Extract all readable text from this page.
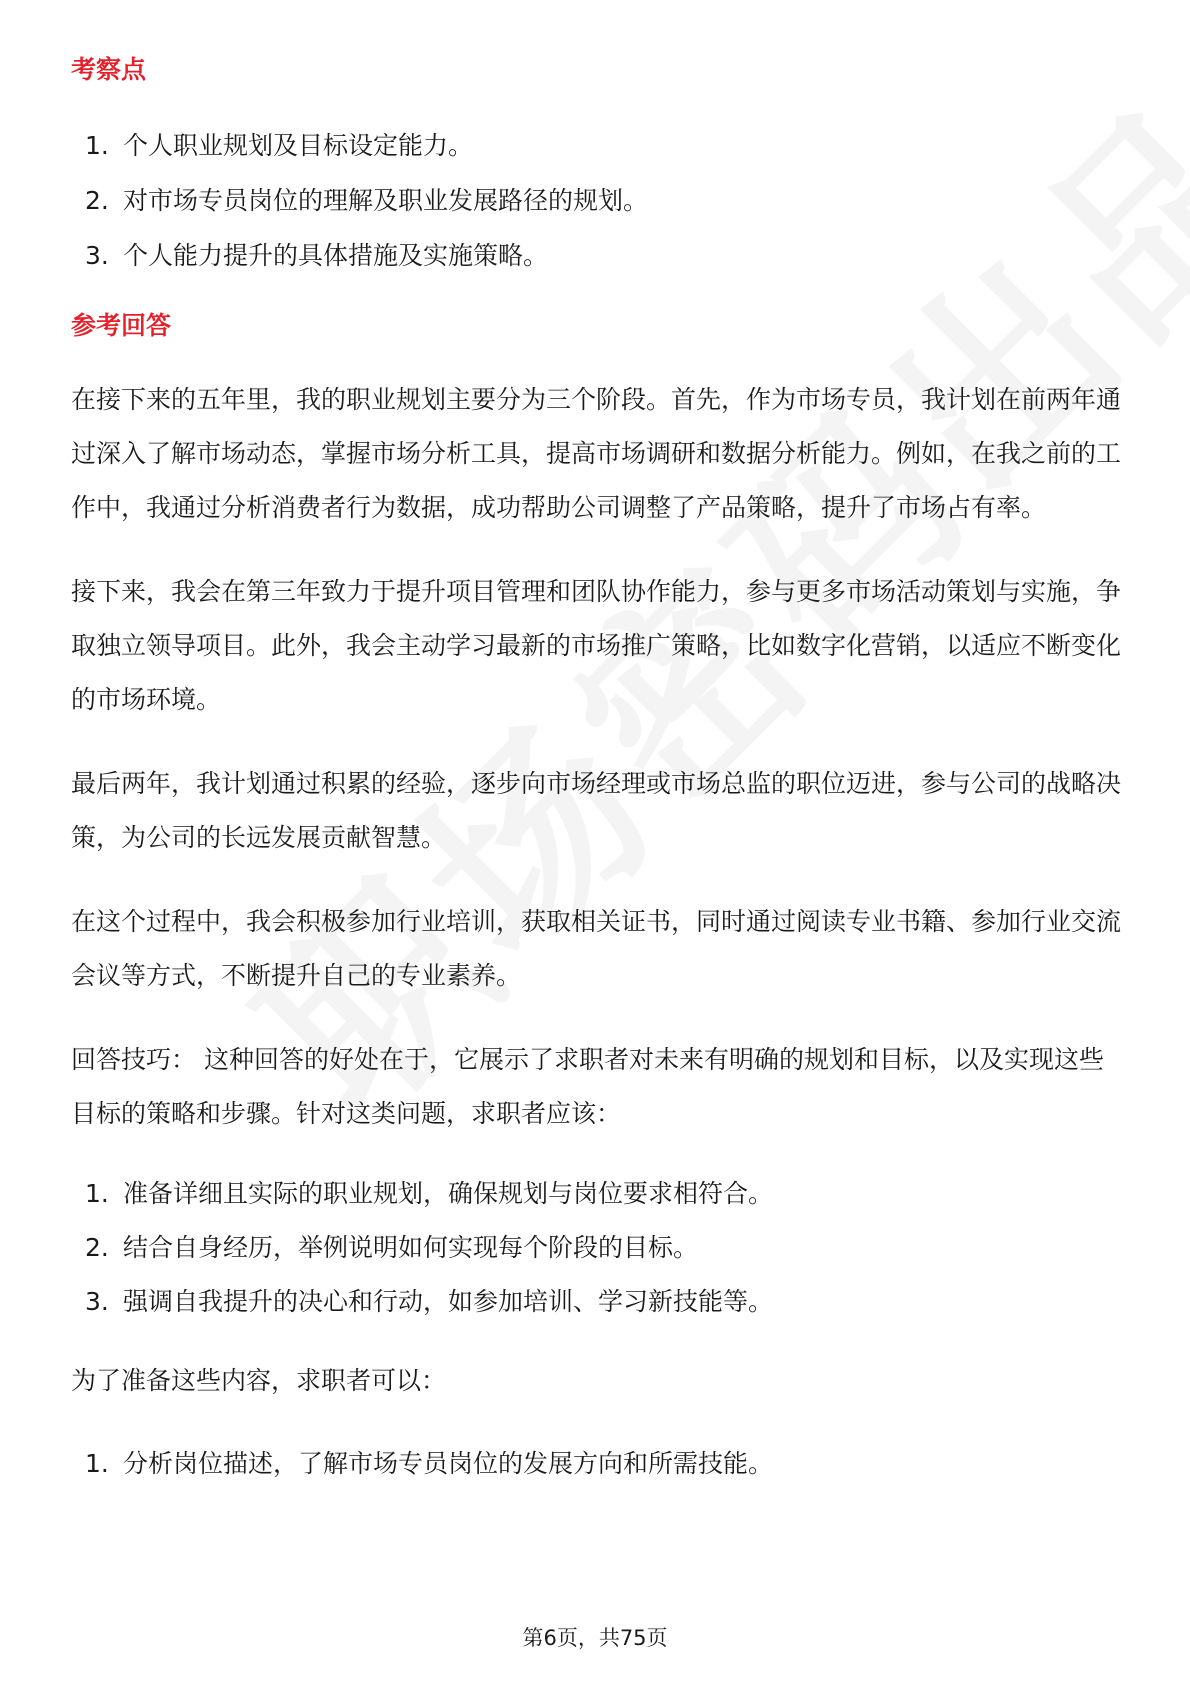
考察点
1. 个人职业规划及目标设定能力。
2. 对市场专员岗位的理解及职业发展路径的规划。
3. 个人能力提升的具体措施及实施策略。
参考回答

在接下来的五年里，我的职业规划主要分为三个阶段。首先，作为市场专员，我计划在前两年通过深入了解市场动态，掌握市场分析工具，提高市场调研和数据分析能力。例如，在我之前的工作中，我通过分析消费者行为数据，成功帮助公司调整了产品策略，提升了市场占有率。

接下来，我会在第三年致力于提升项目管理和团队协作能力，参与更多市场活动策划与实施，争取独立领导项目。此外，我会主动学习最新的市场推广策略，比如数字化营销，以适应不断变化的市场环境。

最后两年，我计划通过积累的经验，逐步向市场经理或市场总监的职位迈进，参与公司的战略决策，为公司的长远发展贡献智慧。

在这个过程中，我会积极参加行业培训，获取相关证书，同时通过阅读专业书籍、参加行业交流会议等方式，不断提升自己的专业素养。

回答技巧： 这种回答的好处在于，它展示了求职者对未来有明确的规划和目标，以及实现这些目标的策略和步骤。针对这类问题，求职者应该：

1. 准备详细且实际的职业规划，确保规划与岗位要求相符合。
2. 结合自身经历，举例说明如何实现每个阶段的目标。
3. 强调自我提升的决心和行动，如参加培训、学习新技能等。

为了准备这些内容，求职者可以：

1. 分析岗位描述，了解市场专员岗位的发展方向和所需技能。
第6页，共75页
